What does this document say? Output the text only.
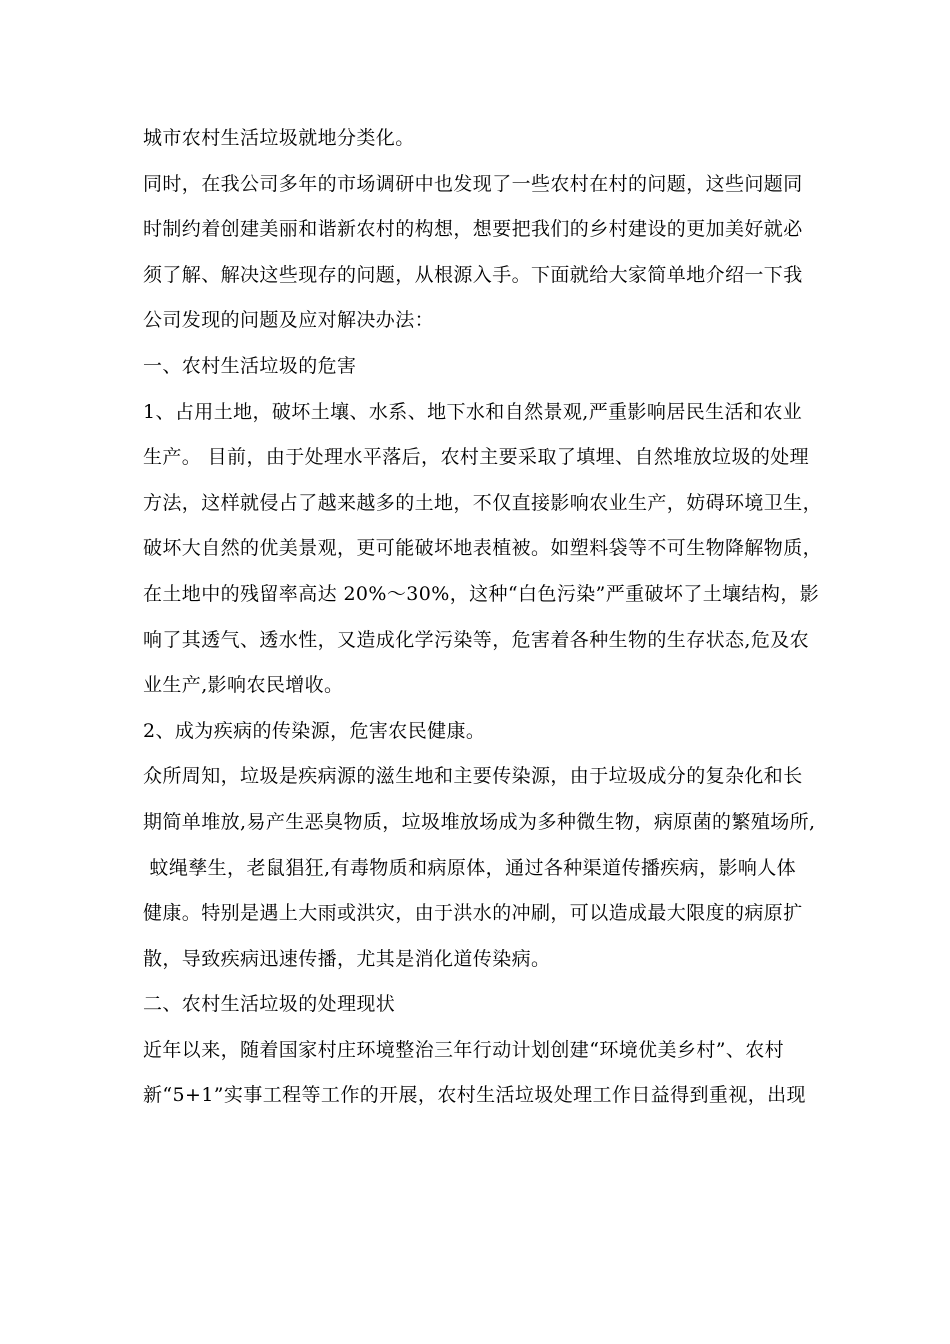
城市农村生活垃圾就地分类化。
同时，在我公司多年的市场调研中也发现了一些农村在村的问题，这些问题同
时制约着创建美丽和谐新农村的构想，想要把我们的乡村建设的更加美好就必
须了解、解决这些现存的问题，从根源入手。下面就给大家简单地介绍一下我
公司发现的问题及应对解决办法：
一、农村生活垃圾的危害
1、占用土地，破坏土壤、水系、地下水和自然景观,严重影响居民生活和农业
生产。 目前，由于处理水平落后，农村主要采取了填埋、自然堆放垃圾的处理
方法，这样就侵占了越来越多的土地，不仅直接影响农业生产，妨碍环境卫生，
破坏大自然的优美景观，更可能破坏地表植被。如塑料袋等不可生物降解物质，
在土地中的残留率高达 20%～30%，这种“白色污染”严重破坏了土壤结构，影
响了其透气、透水性，又造成化学污染等，危害着各种生物的生存状态,危及农
业生产,影响农民增收。
2、成为疾病的传染源，危害农民健康。
众所周知，垃圾是疾病源的滋生地和主要传染源，由于垃圾成分的复杂化和长
期简单堆放,易产生恶臭物质，垃圾堆放场成为多种微生物，病原菌的繁殖场所,
蚊绳孳生，老鼠猖狂,有毒物质和病原体，通过各种渠道传播疾病，影响人体
健康。特别是遇上大雨或洪灾，由于洪水的冲刷，可以造成最大限度的病原扩
散，导致疾病迅速传播，尤其是消化道传染病。
二、农村生活垃圾的处理现状
近年以来，随着国家村庄环境整治三年行动计划创建“环境优美乡村”、农村
新“5+1”实事工程等工作的开展，农村生活垃圾处理工作日益得到重视，出现
